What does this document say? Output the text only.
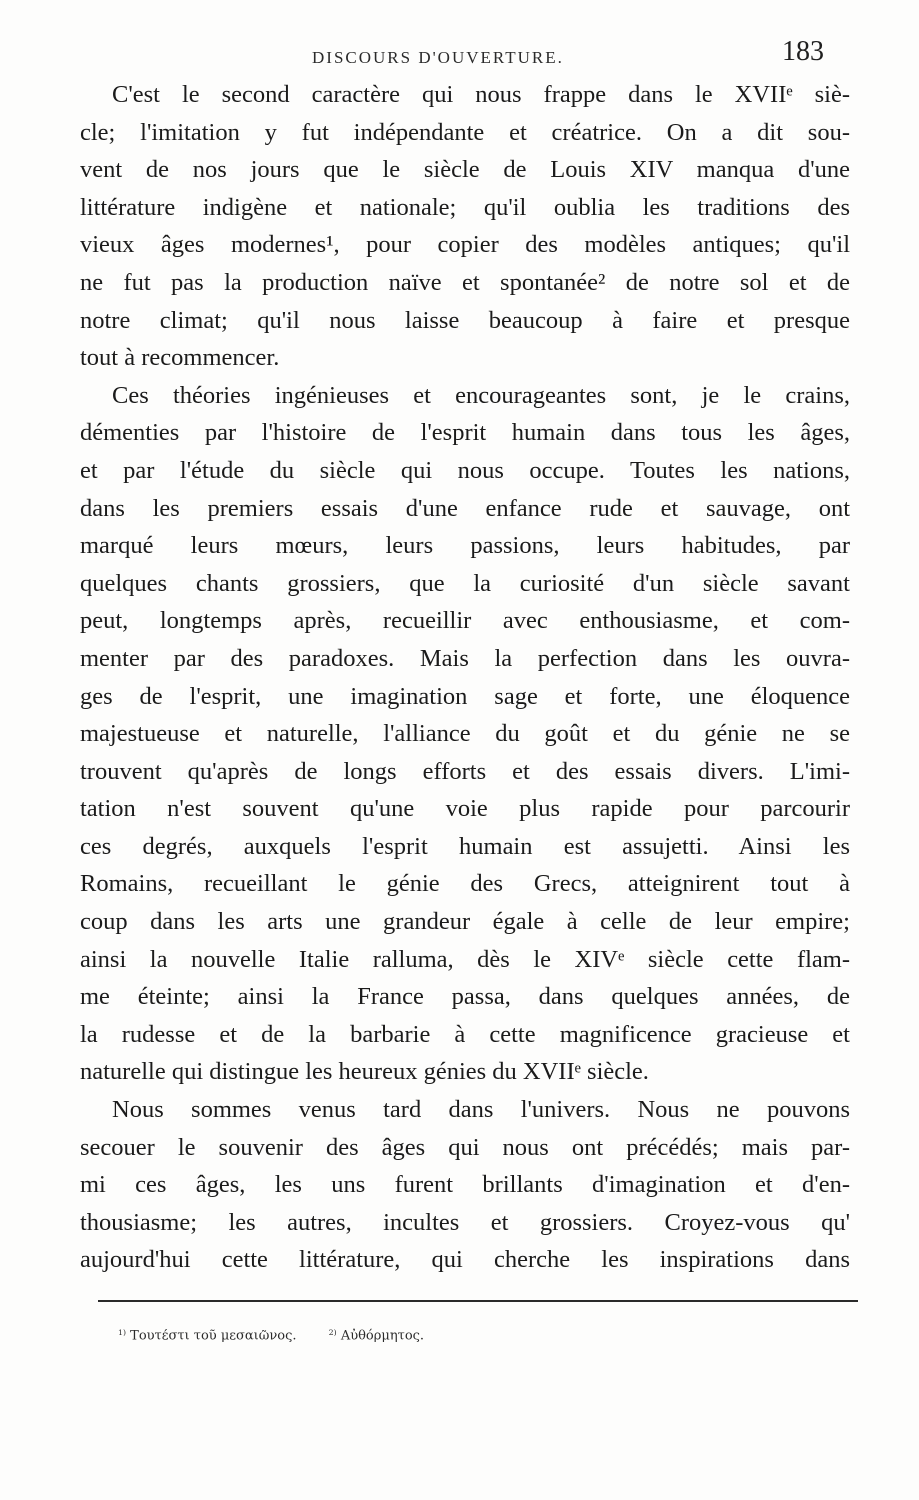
DISCOURS D'OUVERTURE.	183
C'est le second caractère qui nous frappe dans le XVIIᵉ siè-
cle; l'imitation y fut indépendante et créatrice. On a dit sou-
vent de nos jours que le siècle de Louis XIV manqua d'une
littérature indigène et nationale; qu'il oublia les traditions des
vieux âges modernes¹, pour copier des modèles antiques; qu'il
ne fut pas la production naïve et spontanée² de notre sol et de
notre climat; qu'il nous laisse beaucoup à faire et presque
tout à recommencer.
Ces théories ingénieuses et encourageantes sont, je le crains,
démenties par l'histoire de l'esprit humain dans tous les âges,
et par l'étude du siècle qui nous occupe. Toutes les nations,
dans les premiers essais d'une enfance rude et sauvage, ont
marqué leurs mœurs, leurs passions, leurs habitudes, par
quelques chants grossiers, que la curiosité d'un siècle savant
peut, longtemps après, recueillir avec enthousiasme, et com-
menter par des paradoxes. Mais la perfection dans les ouvra-
ges de l'esprit, une imagination sage et forte, une éloquence
majestueuse et naturelle, l'alliance du goût et du génie ne se
trouvent qu'après de longs efforts et des essais divers. L'imi-
tation n'est souvent qu'une voie plus rapide pour parcourir
ces degrés, auxquels l'esprit humain est assujetti. Ainsi les
Romains, recueillant le génie des Grecs, atteignirent tout à
coup dans les arts une grandeur égale à celle de leur empire;
ainsi la nouvelle Italie ralluma, dès le XIVᵉ siècle cette flam-
me éteinte; ainsi la France passa, dans quelques années, de
la rudesse et de la barbarie à cette magnificence gracieuse et
naturelle qui distingue les heureux génies du XVIIᵉ siècle.
Nous sommes venus tard dans l'univers. Nous ne pouvons
secouer le souvenir des âges qui nous ont précédés; mais par-
mi ces âges, les uns furent brillants d'imagination et d'en-
thousiasme; les autres, incultes et grossiers. Croyez-vous qu'
aujourd'hui cette littérature, qui cherche les inspirations dans
$^{1)}$ Τουτέστι τοῦ μεσαιῶνος.	$^{2)}$ Αὐθόρμητος.
